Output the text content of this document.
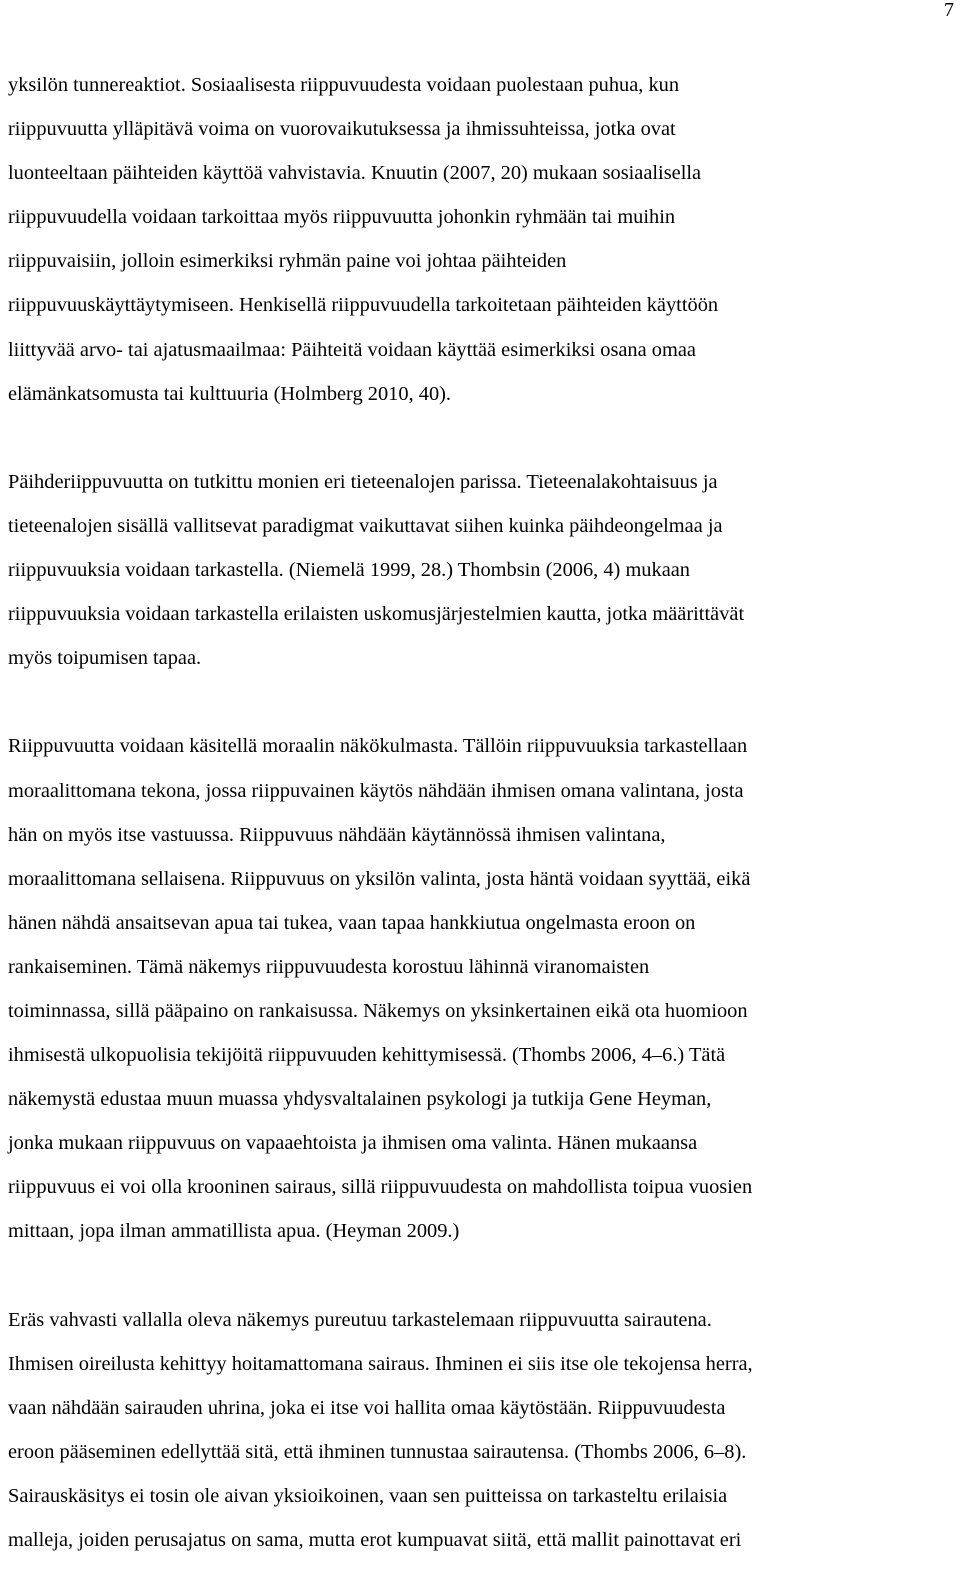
7
yksilön tunnereaktiot. Sosiaalisesta riippuvuudesta voidaan puolestaan puhua, kun
riippuvuutta ylläpitävä voima on vuorovaikutuksessa ja ihmissuhteissa, jotka ovat
luonteeltaan päihteiden käyttöä vahvistavia. Knuutin (2007, 20) mukaan sosiaalisella
riippuvuudella voidaan tarkoittaa myös riippuvuutta johonkin ryhmään tai muihin
riippuvaisiin, jolloin esimerkiksi ryhmän paine voi johtaa päihteiden
riippuvuuskäyttäytymiseen. Henkisellä riippuvuudella tarkoitetaan päihteiden käyttöön
liittyvää arvo- tai ajatusmaailmaa: Päihteitä voidaan käyttää esimerkiksi osana omaa
elämänkatsomusta tai kulttuuria (Holmberg 2010, 40).
Päihderiippuvuutta on tutkittu monien eri tieteenalojen parissa. Tieteenalakohtaisuus ja
tieteenalojen sisällä vallitsevat paradigmat vaikuttavat siihen kuinka päihdeongelmaa ja
riippuvuuksia voidaan tarkastella. (Niemelä 1999, 28.) Thombsin (2006, 4) mukaan
riippuvuuksia voidaan tarkastella erilaisten uskomusjärjestelmien kautta, jotka määrittävät
myös toipumisen tapaa.
Riippuvuutta voidaan käsitellä moraalin näkökulmasta. Tällöin riippuvuuksia tarkastellaan
moraalittomana tekona, jossa riippuvainen käytös nähdään ihmisen omana valintana, josta
hän on myös itse vastuussa. Riippuvuus nähdään käytännössä ihmisen valintana,
moraalittomana sellaisena. Riippuvuus on yksilön valinta, josta häntä voidaan syyttää, eikä
hänen nähdä ansaitsevan apua tai tukea, vaan tapaa hankkiutua ongelmasta eroon on
rankaiseminen. Tämä näkemys riippuvuudesta korostuu lähinnä viranomaisten
toiminnassa, sillä pääpaino on rankaisussa. Näkemys on yksinkertainen eikä ota huomioon
ihmisestä ulkopuolisia tekijöitä riippuvuuden kehittymisessä. (Thombs 2006, 4–6.) Tätä
näkemystä edustaa muun muassa yhdysvaltalainen psykologi ja tutkija Gene Heyman,
jonka mukaan riippuvuus on vapaaehtoista ja ihmisen oma valinta. Hänen mukaansa
riippuvuus ei voi olla krooninen sairaus, sillä riippuvuudesta on mahdollista toipua vuosien
mittaan, jopa ilman ammatillista apua. (Heyman 2009.)
Eräs vahvasti vallalla oleva näkemys pureutuu tarkastelemaan riippuvuutta sairautena.
Ihmisen oireilusta kehittyy hoitamattomana sairaus. Ihminen ei siis itse ole tekojensa herra,
vaan nähdään sairauden uhrina, joka ei itse voi hallita omaa käytöstään. Riippuvuudesta
eroon pääseminen edellyttää sitä, että ihminen tunnustaa sairautensa. (Thombs 2006, 6–8).
Sairauskäsitys ei tosin ole aivan yksioikoinen, vaan sen puitteissa on tarkasteltu erilaisia
malleja, joiden perusajatus on sama, mutta erot kumpuavat siitä, että mallit painottavat eri
